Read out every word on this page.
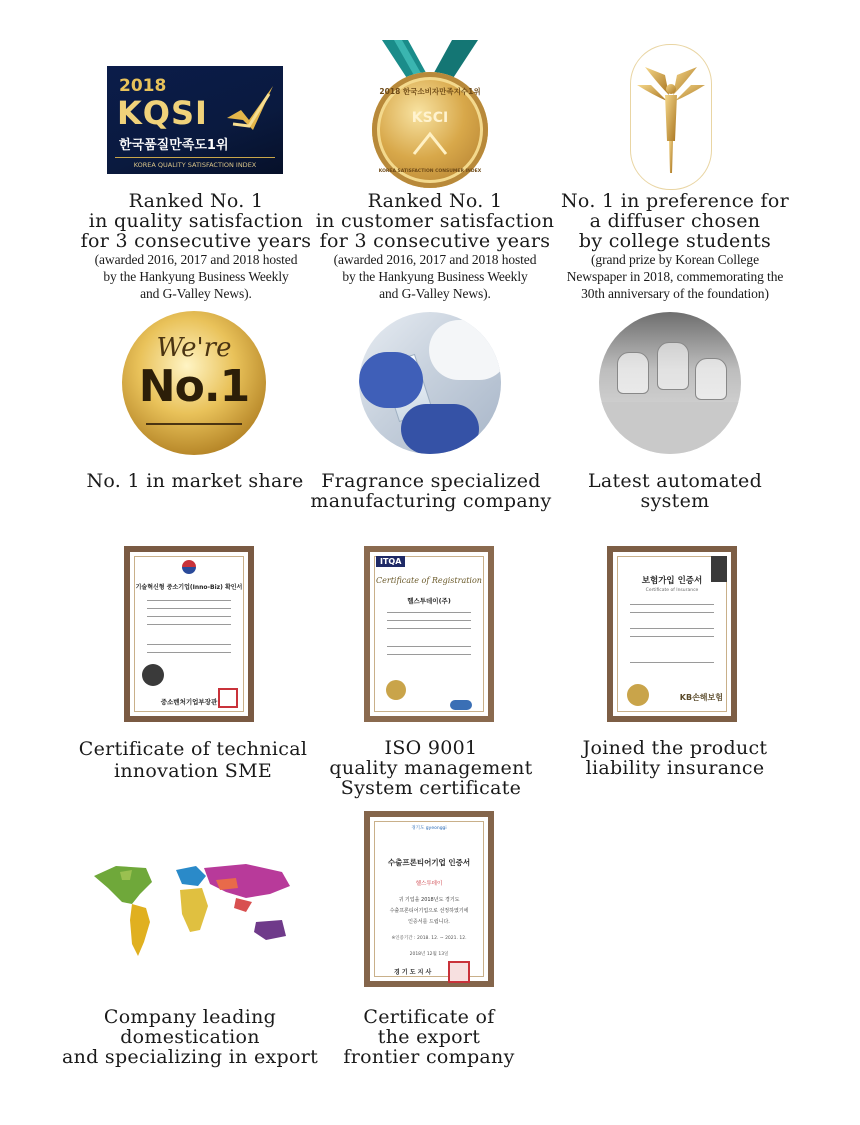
2018
KQSI
한국품질만족도1위
KOREA QUALITY SATISFACTION INDEX
Ranked No. 1
in quality satisfaction
for 3 consecutive years
(awarded 2016, 2017 and 2018 hosted
by the Hankyung Business Weekly
and G-Valley News).
2018 한국소비자만족지수1위
KSCI
KOREA SATISFACTION CONSUMER INDEX
Ranked No. 1
in customer satisfaction
for 3 consecutive years
(awarded 2016, 2017 and 2018 hosted
by the Hankyung Business Weekly
and G-Valley News).
No. 1 in preference for
a diffuser chosen
by college students
(grand prize by Korean College
Newspaper in 2018, commemorating the
30th anniversary of the foundation)
We're
No.1
No. 1 in market share Fragrance specialized
manufacturing company
Latest automated
system
기술혁신형 중소기업(Inno-Biz) 확인서
중소벤처기업부장관
Certificate of technical
innovation SME
ITQA
Certificate of Registration
헬스투데이(주)
ISO 9001
quality management
System certificate
보험가입 인증서
Certificate of Insurance
KB손해보험
Joined the product
liability insurance
Company leading
domestication
and specializing in export
경기도 gyeonggi
수출프론티어기업 인증서
헬스투데이
귀 기업을 2018년도 경기도
수출프론티어기업으로 선정하였기에
인증서를 드립니다.
※인증기간 : 2018. 12. ~ 2021. 12.
2018년 12월 13일
경 기 도 지 사
Certificate of
the export
frontier company
